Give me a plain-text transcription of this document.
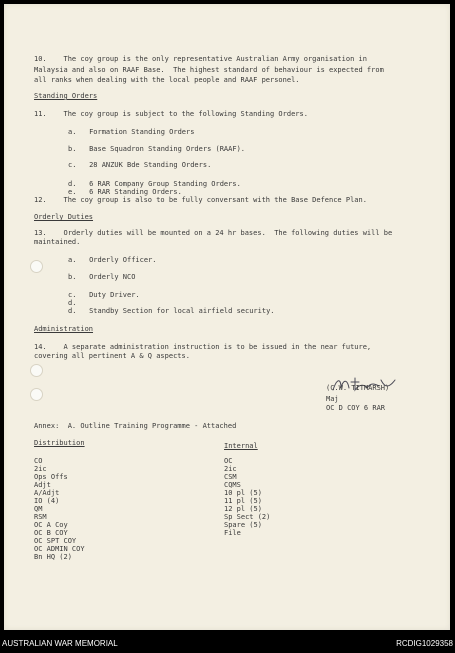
10.    The coy group is the only representative Australian Army organisation in
Malaysia and also on RAAF Base.  The highest standard of behaviour is expected from
all ranks when dealing with the local people and RAAF personel.
Standing Orders
11.    The coy group is subject to the following Standing Orders.
a.   Formation Standing Orders
b.   Base Squadron Standing Orders (RAAF).
c.   28 ANZUK Bde Standing Orders.
d.   6 RAR Company Group Standing Orders.
e.   6 RAR Standing Orders.
12.    The coy group is also to be fully conversant with the Base Defence Plan.
Orderly Duties
13.    Orderly duties will be mounted on a 24 hr bases.  The following duties will be
maintained.
a.   Orderly Officer.
b.   Orderly NCO
c.   Duty Driver.
d.
d.   Standby Section for local airfield security.
Administration
14.    A separate administration instruction is to be issued in the near future,
covering all pertinent A & Q aspects.
(C.W. TITMARSH)
Maj
OC D COY 6 RAR
Annex:  A. Outline Training Programme - Attached
Distribution
CO
2ic
Ops Offs
Adjt
A/Adjt
IO (4)
QM
RSM
OC A Coy
OC B COY
OC SPT COY
OC ADMIN COY
Bn HQ (2)
Internal
OC
2ic
CSM
CQMS
10 pl (5)
11 pl (5)
12 pl (5)
Sp Sect (2)
Spare (5)
File
AUSTRALIAN WAR MEMORIAL	RCDIG1029358
